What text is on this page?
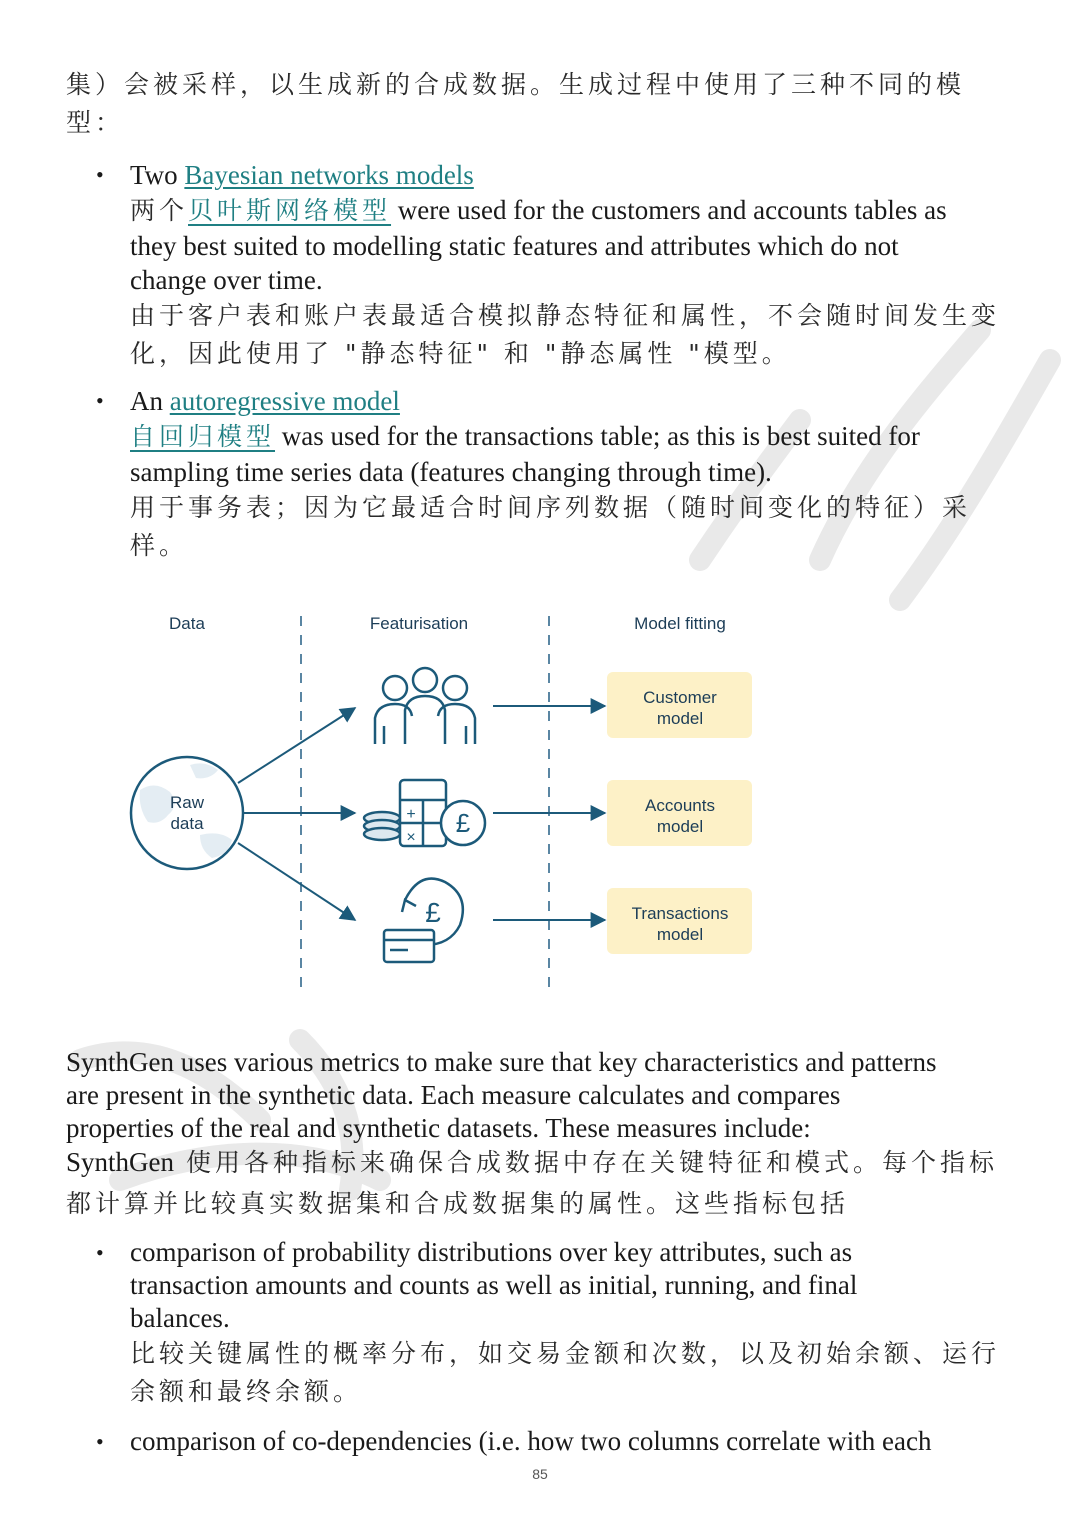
集）会被采样，以生成新的合成数据。生成过程中使用了三种不同的模
型：
• Two Bayesian networks models
两个贝叶斯网络模型 were used for the customers and accounts tables as
they best suited to modelling static features and attributes which do not
change over time.
由于客户表和账户表最适合模拟静态特征和属性，不会随时间发生变
化，因此使用了 "静态特征" 和 "静态属性 "模型。
• An autoregressive model
自回归模型 was used for the transactions table; as this is best suited for
sampling time series data (features changing through time).
用于事务表；因为它最适合时间序列数据（随时间变化的特征）采
样。
Data	Featurisation	Model fitting
Raw
data	+
× £
£
Customer
model
Accounts
model
Transactions
model
SynthGen uses various metrics to make sure that key characteristics and patterns
are present in the synthetic data. Each measure calculates and compares
properties of the real and synthetic datasets. These measures include:
SynthGen 使用各种指标来确保合成数据中存在关键特征和模式。每个指标
都计算并比较真实数据集和合成数据集的属性。这些指标包括
• comparison of probability distributions over key attributes, such as
transaction amounts and counts as well as initial, running, and final
balances.
比较关键属性的概率分布，如交易金额和次数，以及初始余额、运行
余额和最终余额。
• comparison of co-dependencies (i.e. how two columns correlate with each
85
